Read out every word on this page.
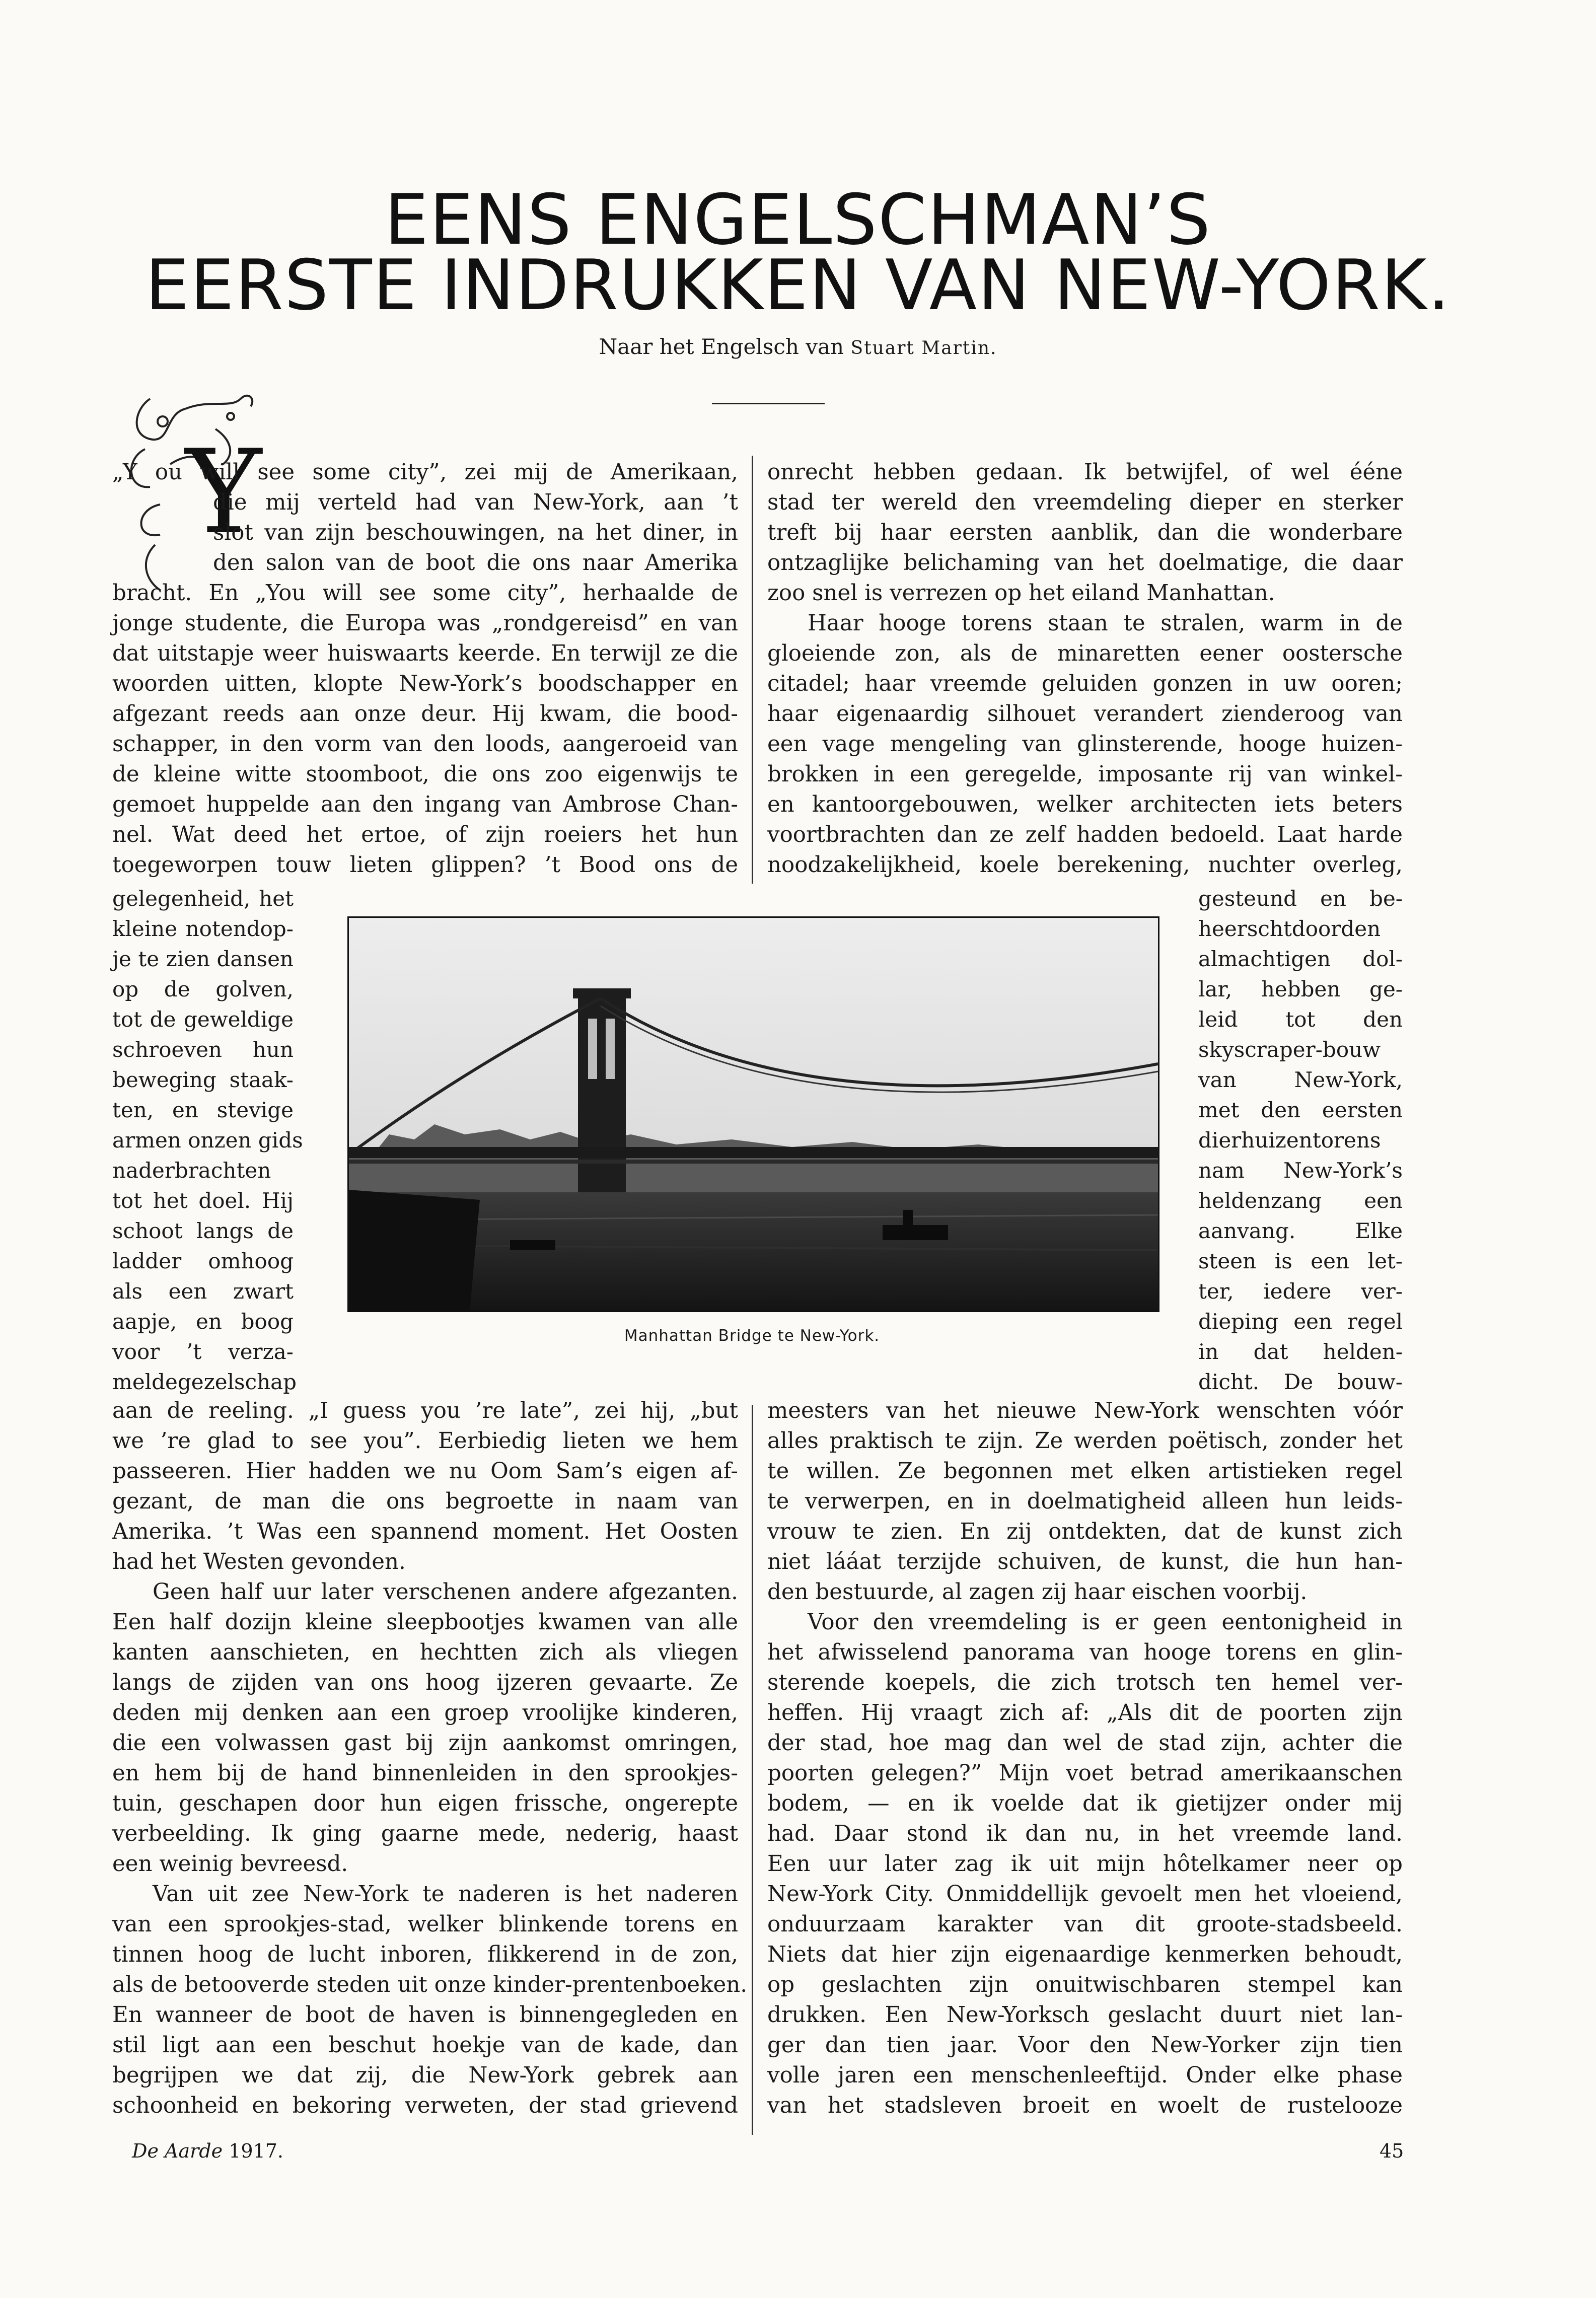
EENS ENGELSCHMAN’S
EERSTE INDRUKKEN VAN NEW-YORK.
Naar het Engelsch van Stuart Martin.
Y
„Y ou will see some city”, zei mij de Amerikaan,
die mij verteld had van New-York, aan ’t
slot van zijn beschouwingen, na het diner, in
den salon van de boot die ons naar Amerika
bracht. En „You will see some city”, herhaalde de
jonge studente, die Europa was „rondgereisd” en van
dat uitstapje weer huiswaarts keerde. En terwijl ze die
woorden uitten, klopte New-York’s boodschapper en
afgezant reeds aan onze deur. Hij kwam, die bood-
schapper, in den vorm van den loods, aangeroeid van
de kleine witte stoomboot, die ons zoo eigenwijs te
gemoet huppelde aan den ingang van Ambrose Chan-
nel. Wat deed het ertoe, of zijn roeiers het hun
toegeworpen touw lieten glippen? ’t Bood ons de
gelegenheid, het
kleine notendop-
je te zien dansen
op de golven,
tot de geweldige
schroeven hun
beweging staak-
ten, en stevige
armen onzen gids
naderbrachten
tot het doel. Hij
schoot langs de
ladder omhoog
als een zwart
aapje, en boog
voor ’t verza-
meldegezelschap
aan de reeling. „I guess you ’re late”, zei hij, „but
we ’re glad to see you”. Eerbiedig lieten we hem
passeeren. Hier hadden we nu Oom Sam’s eigen af-
gezant, de man die ons begroette in naam van
Amerika. ’t Was een spannend moment. Het Oosten
had het Westen gevonden.
Geen half uur later verschenen andere afgezanten.
Een half dozijn kleine sleepbootjes kwamen van alle
kanten aanschieten, en hechtten zich als vliegen
langs de zijden van ons hoog ijzeren gevaarte. Ze
deden mij denken aan een groep vroolijke kinderen,
die een volwassen gast bij zijn aankomst omringen,
en hem bij de hand binnenleiden in den sprookjes-
tuin, geschapen door hun eigen frissche, ongerepte
verbeelding. Ik ging gaarne mede, nederig, haast
een weinig bevreesd.
Van uit zee New-York te naderen is het naderen
van een sprookjes-stad, welker blinkende torens en
tinnen hoog de lucht inboren, flikkerend in de zon,
als de betooverde steden uit onze kinder-prentenboeken.
En wanneer de boot de haven is binnengegleden en
stil ligt aan een beschut hoekje van de kade, dan
begrijpen we dat zij, die New-York gebrek aan
schoonheid en bekoring verweten, der stad grievend
onrecht hebben gedaan. Ik betwijfel, of wel ééne
stad ter wereld den vreemdeling dieper en sterker
treft bij haar eersten aanblik, dan die wonderbare
ontzaglijke belichaming van het doelmatige, die daar
zoo snel is verrezen op het eiland Manhattan.
Haar hooge torens staan te stralen, warm in de
gloeiende zon, als de minaretten eener oostersche
citadel; haar vreemde geluiden gonzen in uw ooren;
haar eigenaardig silhouet verandert zienderoog van
een vage mengeling van glinsterende, hooge huizen-
brokken in een geregelde, imposante rij van winkel-
en kantoorgebouwen, welker architecten iets beters
voortbrachten dan ze zelf hadden bedoeld. Laat harde
noodzakelijkheid, koele berekening, nuchter overleg,
gesteund en be-
heerschtdoorden
almachtigen dol-
lar, hebben ge-
leid tot den
skyscraper-bouw
van New-York,
met den eersten
dierhuizentorens
nam New-York’s
heldenzang een
aanvang. Elke
steen is een let-
ter, iedere ver-
dieping een regel
in dat helden-
dicht. De bouw-
meesters van het nieuwe New-York wenschten vóór
alles praktisch te zijn. Ze werden poëtisch, zonder het
te willen. Ze begonnen met elken artistieken regel
te verwerpen, en in doelmatigheid alleen hun leids-
vrouw te zien. En zij ontdekten, dat de kunst zich
niet lááat terzijde schuiven, de kunst, die hun han-
den bestuurde, al zagen zij haar eischen voorbij.
Voor den vreemdeling is er geen eentonigheid in
het afwisselend panorama van hooge torens en glin-
sterende koepels, die zich trotsch ten hemel ver-
heffen. Hij vraagt zich af: „Als dit de poorten zijn
der stad, hoe mag dan wel de stad zijn, achter die
poorten gelegen?” Mijn voet betrad amerikaanschen
bodem, — en ik voelde dat ik gietijzer onder mij
had. Daar stond ik dan nu, in het vreemde land.
Een uur later zag ik uit mijn hôtelkamer neer op
New-York City. Onmiddellijk gevoelt men het vloeiend,
onduurzaam karakter van dit groote-stadsbeeld.
Niets dat hier zijn eigenaardige kenmerken behoudt,
op geslachten zijn onuitwischbaren stempel kan
drukken. Een New-Yorksch geslacht duurt niet lan-
ger dan tien jaar. Voor den New-Yorker zijn tien
volle jaren een menschenleeftijd. Onder elke phase
van het stadsleven broeit en woelt de rustelooze
Manhattan Bridge te New-York.
De Aarde 1917.	45
